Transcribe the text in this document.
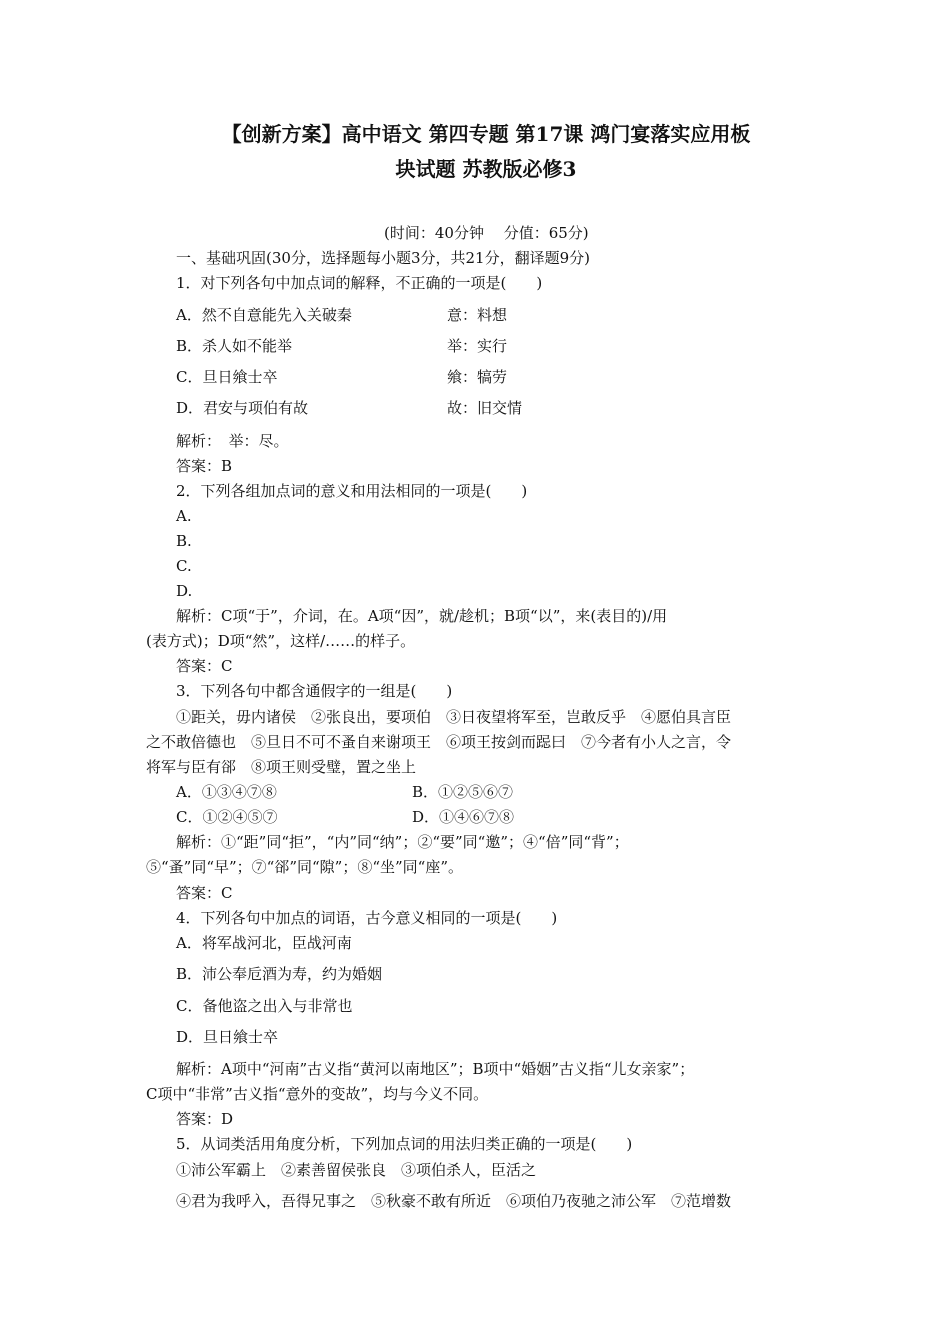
【创新方案】高中语文 第四专题 第17课 鸿门宴落实应用板
块试题 苏教版必修3
(时间：40分钟　 分值：65分)
一、基础巩固(30分，选择题每小题3分，共21分，翻译题9分)
1．对下列各句中加点词的解释，不正确的一项是(　　)
A．然不自意能先入关破秦	意：料想
B．杀人如不能举	举：实行
C．旦日飨士卒	飨：犒劳
D．君安与项伯有故	故：旧交情
解析：　举：尽。
答案：B
2．下列各组加点词的意义和用法相同的一项是(　　)
A.
B.
C.
D.
解析：C项“于”，介词，在。A项“因”，就/趁机；B项“以”，来(表目的)/用
(表方式)；D项“然”，这样/……的样子。
答案：C
3．下列各句中都含通假字的一组是(　　)
①距关，毋内诸侯　②张良出，要项伯　③日夜望将军至，岂敢反乎　④愿伯具言臣
之不敢倍德也　⑤旦日不可不蚤自来谢项王　⑥项王按剑而跽曰　⑦今者有小人之言，令
将军与臣有郤　⑧项王则受璧，置之坐上
A．①③④⑦⑧	B．①②⑤⑥⑦
C．①②④⑤⑦	D．①④⑥⑦⑧
解析：①“距”同“拒”，“内”同“纳”；②“要”同“邀”；④“倍”同“背”；
⑤“蚤”同“早”；⑦“郤”同“隙”；⑧“坐”同“座”。
答案：C
4．下列各句中加点的词语，古今意义相同的一项是(　　)
A．将军战河北，臣战河南
B．沛公奉卮酒为寿，约为婚姻
C．备他盗之出入与非常也
D．旦日飨士卒
解析：A项中“河南”古义指“黄河以南地区”；B项中“婚姻”古义指“儿女亲家”；
C项中“非常”古义指“意外的变故”，均与今义不同。
答案：D
5．从词类活用角度分析，下列加点词的用法归类正确的一项是(　　)
①沛公军霸上　②素善留侯张良　③项伯杀人，臣活之
④君为我呼入，吾得兄事之　⑤秋豪不敢有所近　⑥项伯乃夜驰之沛公军　⑦范增数
